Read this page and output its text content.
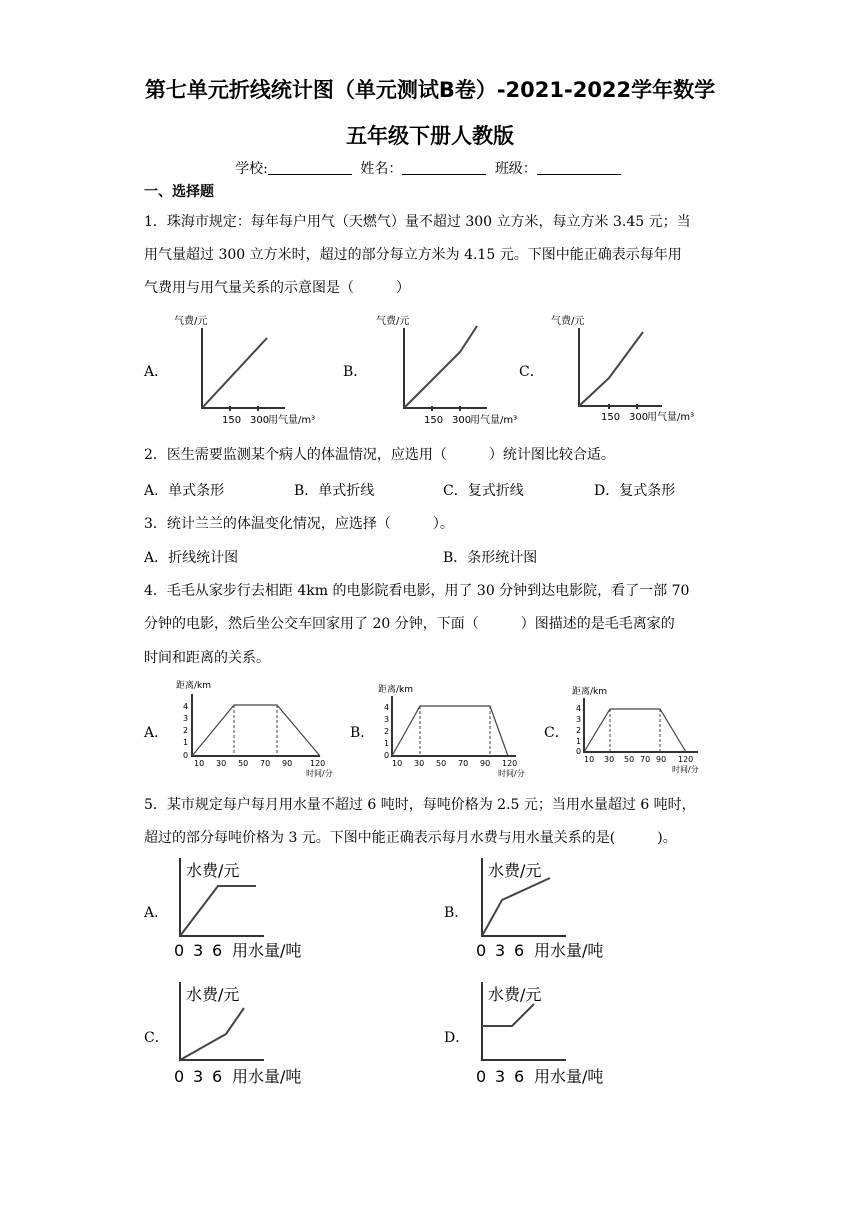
第七单元折线统计图（单元测试B卷）-2021-2022学年数学
五年级下册人教版
学校:	姓名：	班级：
一、选择题
1．珠海市规定：每年每户用气（天燃气）量不超过 300 立方米，每立方米 3.45 元；当
用气量超过 300 立方米时，超过的部分每立方米为 4.15 元。下图中能正确表示每年用
气费用与用气量关系的示意图是（　　　）
A．	B．	C．
气费/元
150 300
用气量/m³
气费/元
150 300
用气量/m³
气费/元
150 300
用气量/m³
2．医生需要监测某个病人的体温情况，应选用（　　　）统计图比较合适。
A．单式条形	B．单式折线	C．复式折线	D．复式条形
3．统计兰兰的体温变化情况，应选择（　　　）。
A．折线统计图	B．条形统计图
4．毛毛从家步行去相距 4km 的电影院看电影，用了 30 分钟到达电影院，看了一部 70
分钟的电影，然后坐公交车回家用了 20 分钟，下面（　　　）图描述的是毛毛离家的
时间和距离的关系。
A．	B．	C．
距离/km
4
3
2
1
0
10 30 50 70 90 120
时间/分
距离/km
4
3
2
1
0
10 30 50 70 90 120
时间/分
距离/km
4
3
2
1
0
10 30 50 70 90 120
时间/分
5．某市规定每户每月用水量不超过 6 吨时，每吨价格为 2.5 元；当用水量超过 6 吨时，
超过的部分每吨价格为 3 元。下图中能正确表示每月水费与用水量关系的是(　　　)。
A．	B．
C．	D．
水费/元
0 3 6 用水量/吨
水费/元
0 3 6 用水量/吨
水费/元
0 3 6 用水量/吨
水费/元
0 3 6 用水量/吨
